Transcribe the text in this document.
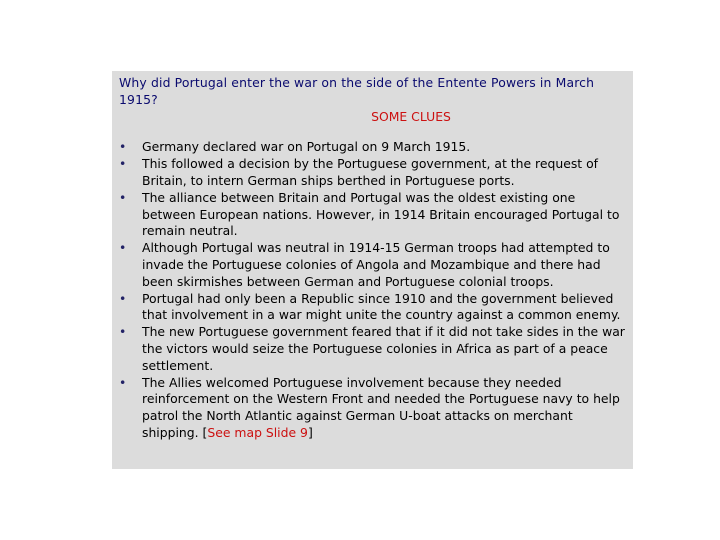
Why did Portugal enter the war on the side of the Entente Powers in March 1915?

SOME CLUES

•	Germany declared war on Portugal on 9 March 1915.
•	This followed a decision by the Portuguese government, at the request of Britain, to intern German ships berthed in Portuguese ports.
•	The alliance between Britain and Portugal was the oldest existing one between European nations. However, in 1914 Britain encouraged Portugal to remain neutral.
•	Although Portugal was neutral in 1914-15 German troops had attempted to invade the Portuguese colonies of Angola and Mozambique and there had been skirmishes between German and Portuguese colonial troops.
•	Portugal had only been a Republic since 1910 and the government believed that involvement in a war might unite the country against a common enemy.
•	The new Portuguese government feared that if it did not take sides in the war the victors would seize the Portuguese colonies in Africa as part of a peace settlement.
•	The Allies welcomed Portuguese involvement because they needed reinforcement on the Western Front and needed the Portuguese navy to help patrol the North Atlantic against German U-boat attacks on merchant shipping. [See map Slide 9]
